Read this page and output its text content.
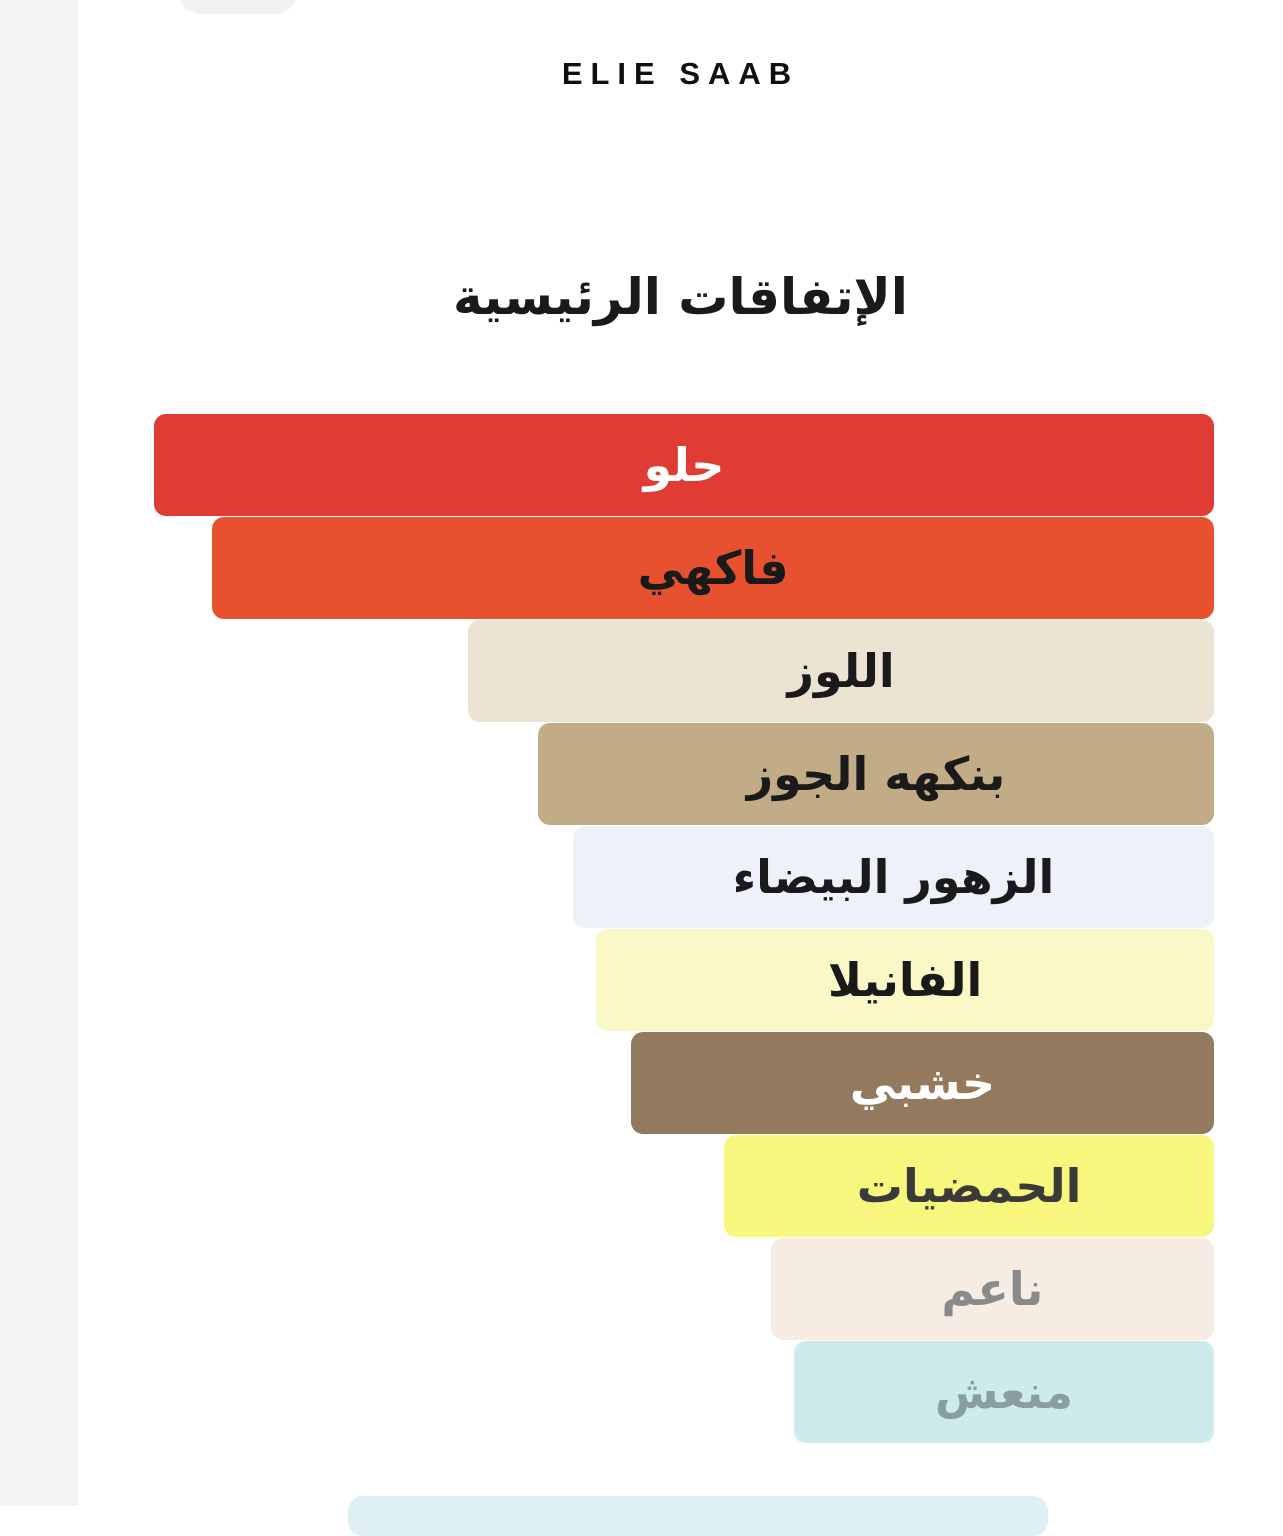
ELIE SAAB
الإتفاقات الرئيسية
حلو
فاكهي
اللوز
بنكهه الجوز
الزهور البيضاء
الفانيلا
خشبي
الحمضيات
ناعم
منعش
